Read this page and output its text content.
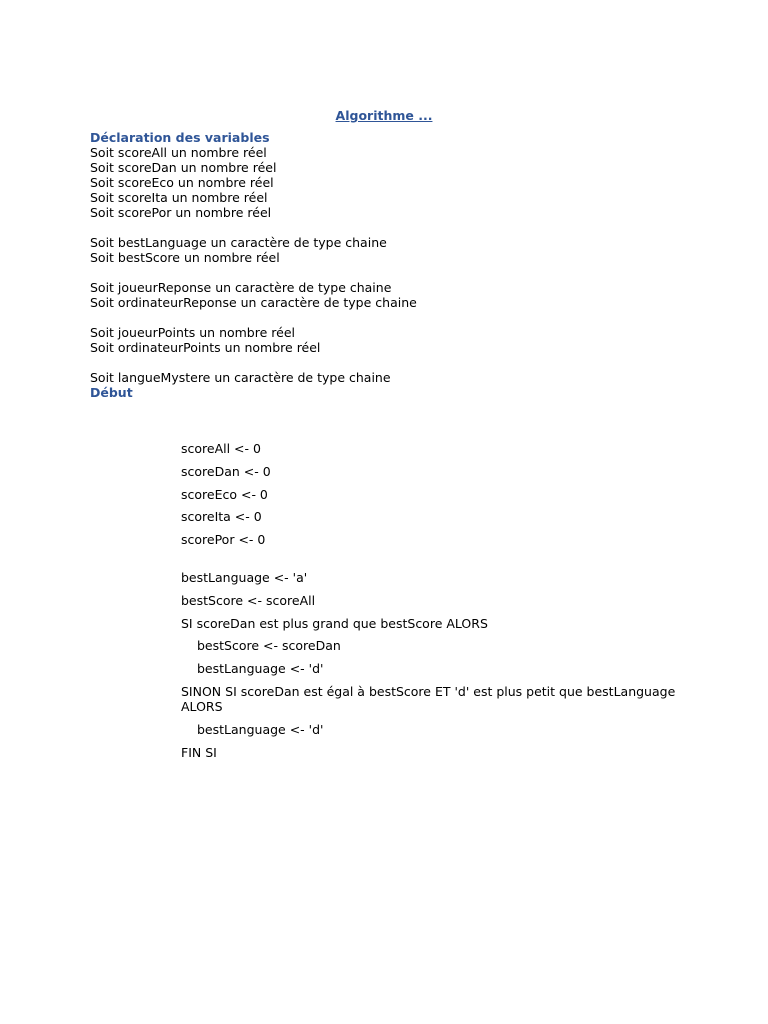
Algorithme ...
Déclaration des variables
Soit scoreAll un nombre réel
Soit scoreDan un nombre réel
Soit scoreEco un nombre réel
Soit scoreIta un nombre réel
Soit scorePor un nombre réel
Soit bestLanguage un caractère de type chaine
Soit bestScore un nombre réel
Soit joueurReponse un caractère de type chaine
Soit ordinateurReponse un caractère de type chaine
Soit joueurPoints un nombre réel
Soit ordinateurPoints un nombre réel
Soit langueMystere un caractère de type chaine
Début
scoreAll <- 0
scoreDan <- 0
scoreEco <- 0
scoreIta <- 0
scorePor <- 0
bestLanguage <- 'a'
bestScore <- scoreAll
SI scoreDan est plus grand que bestScore ALORS
bestScore <- scoreDan
bestLanguage <- 'd'
SINON SI scoreDan est égal à bestScore ET 'd' est plus petit que bestLanguage ALORS
bestLanguage <- 'd'
FIN SI
